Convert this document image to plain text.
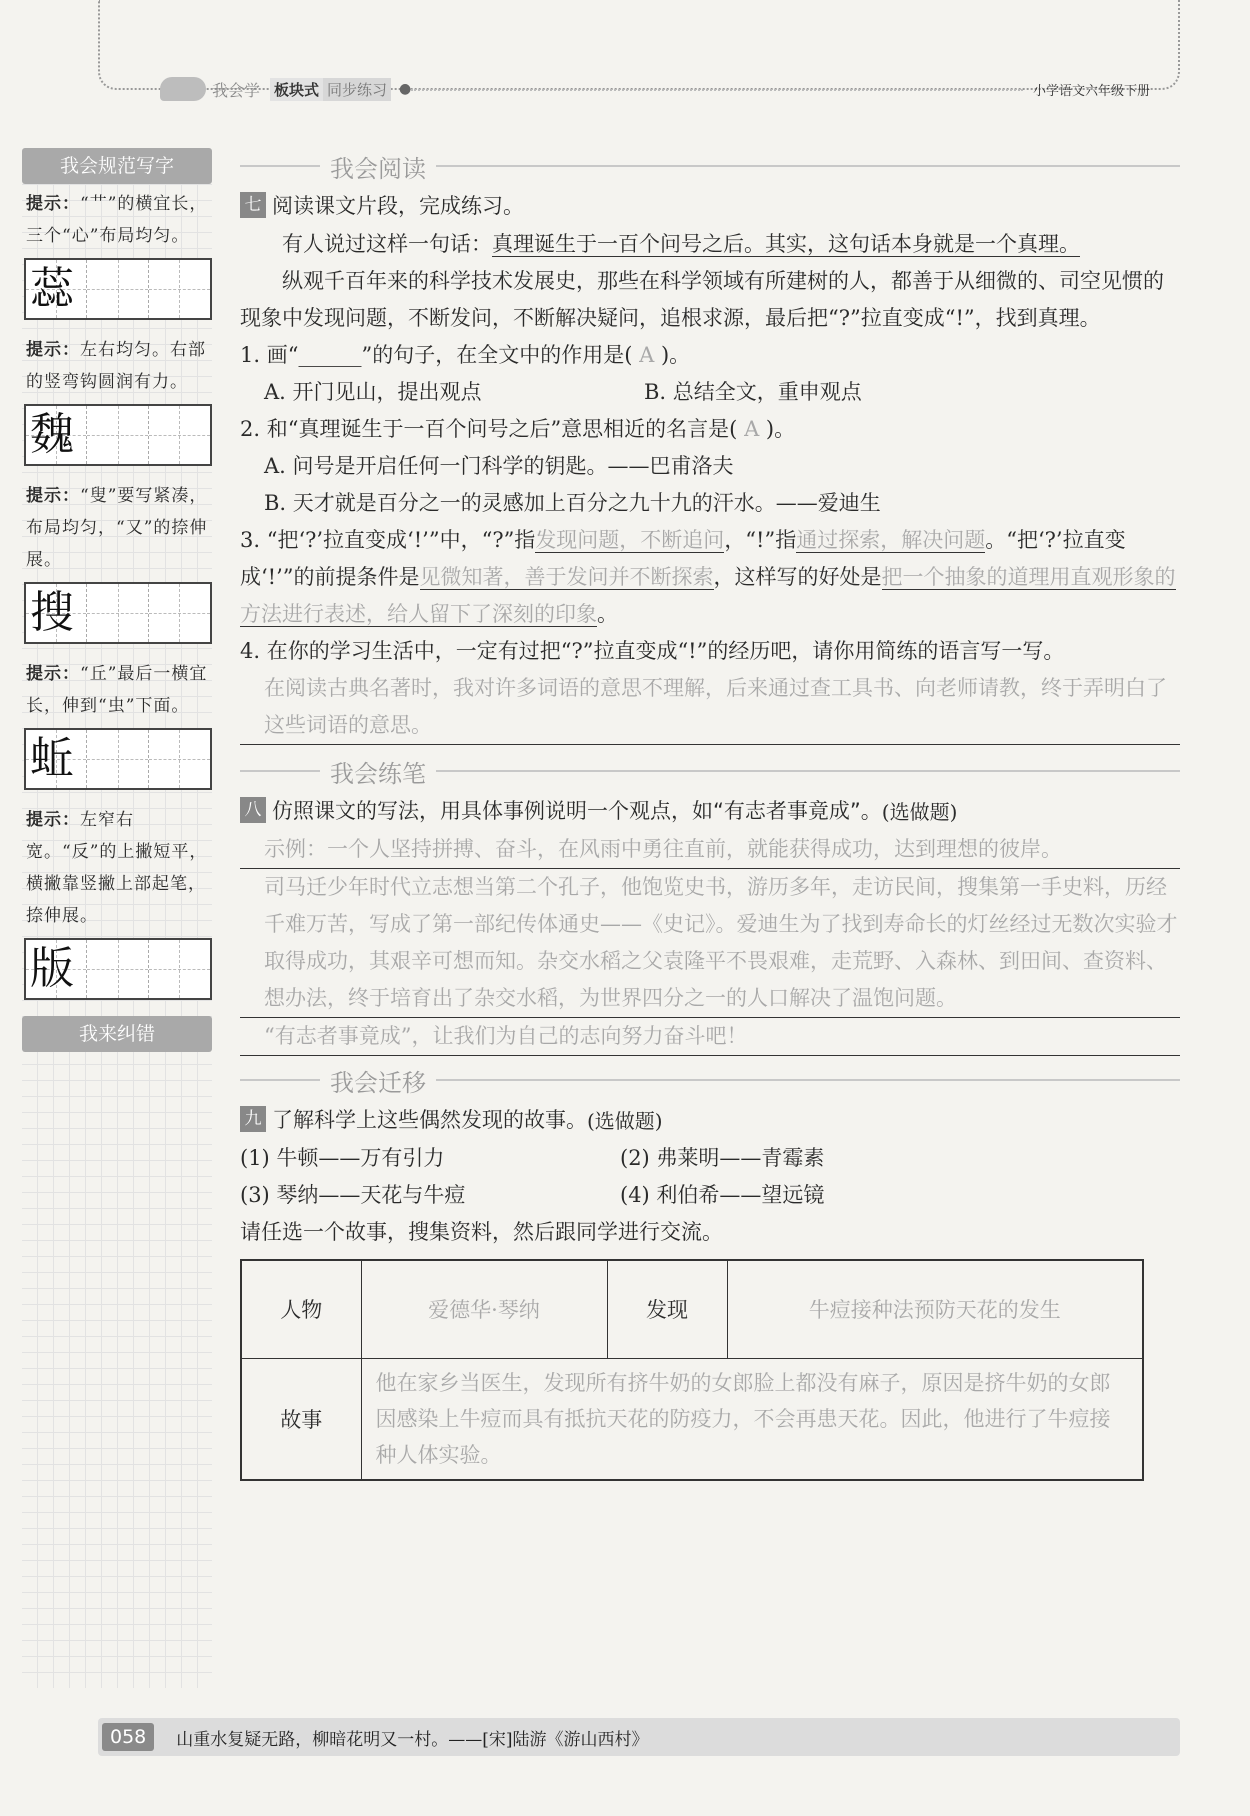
我会学 板块式 同步练习 ●	小学语文六年级下册
我会规范写字
提示：“艹”的横宜长，三个“心”布局均匀。
蕊
提示：左右均匀。右部的竖弯钩圆润有力。
魏
提示：“叟”要写紧凑，布局均匀，“又”的捺伸展。
搜
提示：“丘”最后一横宜长，伸到“虫”下面。
蚯
提示：左窄右宽。“反”的上撇短平，横撇靠竖撇上部起笔，捺伸展。
版
我来纠错
我会阅读
七 阅读课文片段，完成练习。

有人说过这样一句话：真理诞生于一百个问号之后。其实，这句话本身就是一个真理。

纵观千百年来的科学技术发展史，那些在科学领域有所建树的人，都善于从细微的、司空见惯的现象中发现问题，不断发问，不断解决疑问，追根求源，最后把“?”拉直变成“!”，找到真理。

1. 画“______”的句子，在全文中的作用是( A )。
A. 开门见山，提出观点	B. 总结全文，重申观点
2. 和“真理诞生于一百个问号之后”意思相近的名言是( A )。
A. 问号是开启任何一门科学的钥匙。——巴甫洛夫
B. 天才就是百分之一的灵感加上百分之九十九的汗水。——爱迪生
3. “把‘?’拉直变成‘!’”中，“?”指发现问题，不断追问，“!”指通过探索，解决问题。“把‘?’拉直变成‘!’”的前提条件是见微知著，善于发问并不断探索，这样写的好处是把一个抽象的道理用直观形象的方法进行表述，给人留下了深刻的印象。
4. 在你的学习生活中，一定有过把“?”拉直变成“!”的经历吧，请你用简练的语言写一写。
在阅读古典名著时，我对许多词语的意思不理解，后来通过查工具书、向老师请教，终于弄明白了这些词语的意思。
我会练笔
八 仿照课文的写法，用具体事例说明一个观点，如“有志者事竟成”。 (选做题)
示例：一个人坚持拼搏、奋斗，在风雨中勇往直前，就能获得成功，达到理想的彼岸。
司马迁少年时代立志想当第二个孔子，他饱览史书，游历多年，走访民间，搜集第一手史料，历经千难万苦，写成了第一部纪传体通史——《史记》。爱迪生为了找到寿命长的灯丝经过无数次实验才取得成功，其艰辛可想而知。杂交水稻之父袁隆平不畏艰难，走荒野、入森林、到田间、查资料、想办法，终于培育出了杂交水稻，为世界四分之一的人口解决了温饱问题。
“有志者事竟成”，让我们为自己的志向努力奋斗吧！
我会迁移
九 了解科学上这些偶然发现的故事。 (选做题)
(1) 牛顿——万有引力	(2) 弗莱明——青霉素
(3) 琴纳——天花与牛痘	(4) 利伯希——望远镜
请任选一个故事，搜集资料，然后跟同学进行交流。
人物	爱德华·琴纳	发现	牛痘接种法预防天花的发生
故事	他在家乡当医生，发现所有挤牛奶的女郎脸上都没有麻子，原因是挤牛奶的女郎因感染上牛痘而具有抵抗天花的防疫力，不会再患天花。因此，他进行了牛痘接种人体实验。		
058	山重水复疑无路，柳暗花明又一村。——[宋]陆游《游山西村》
